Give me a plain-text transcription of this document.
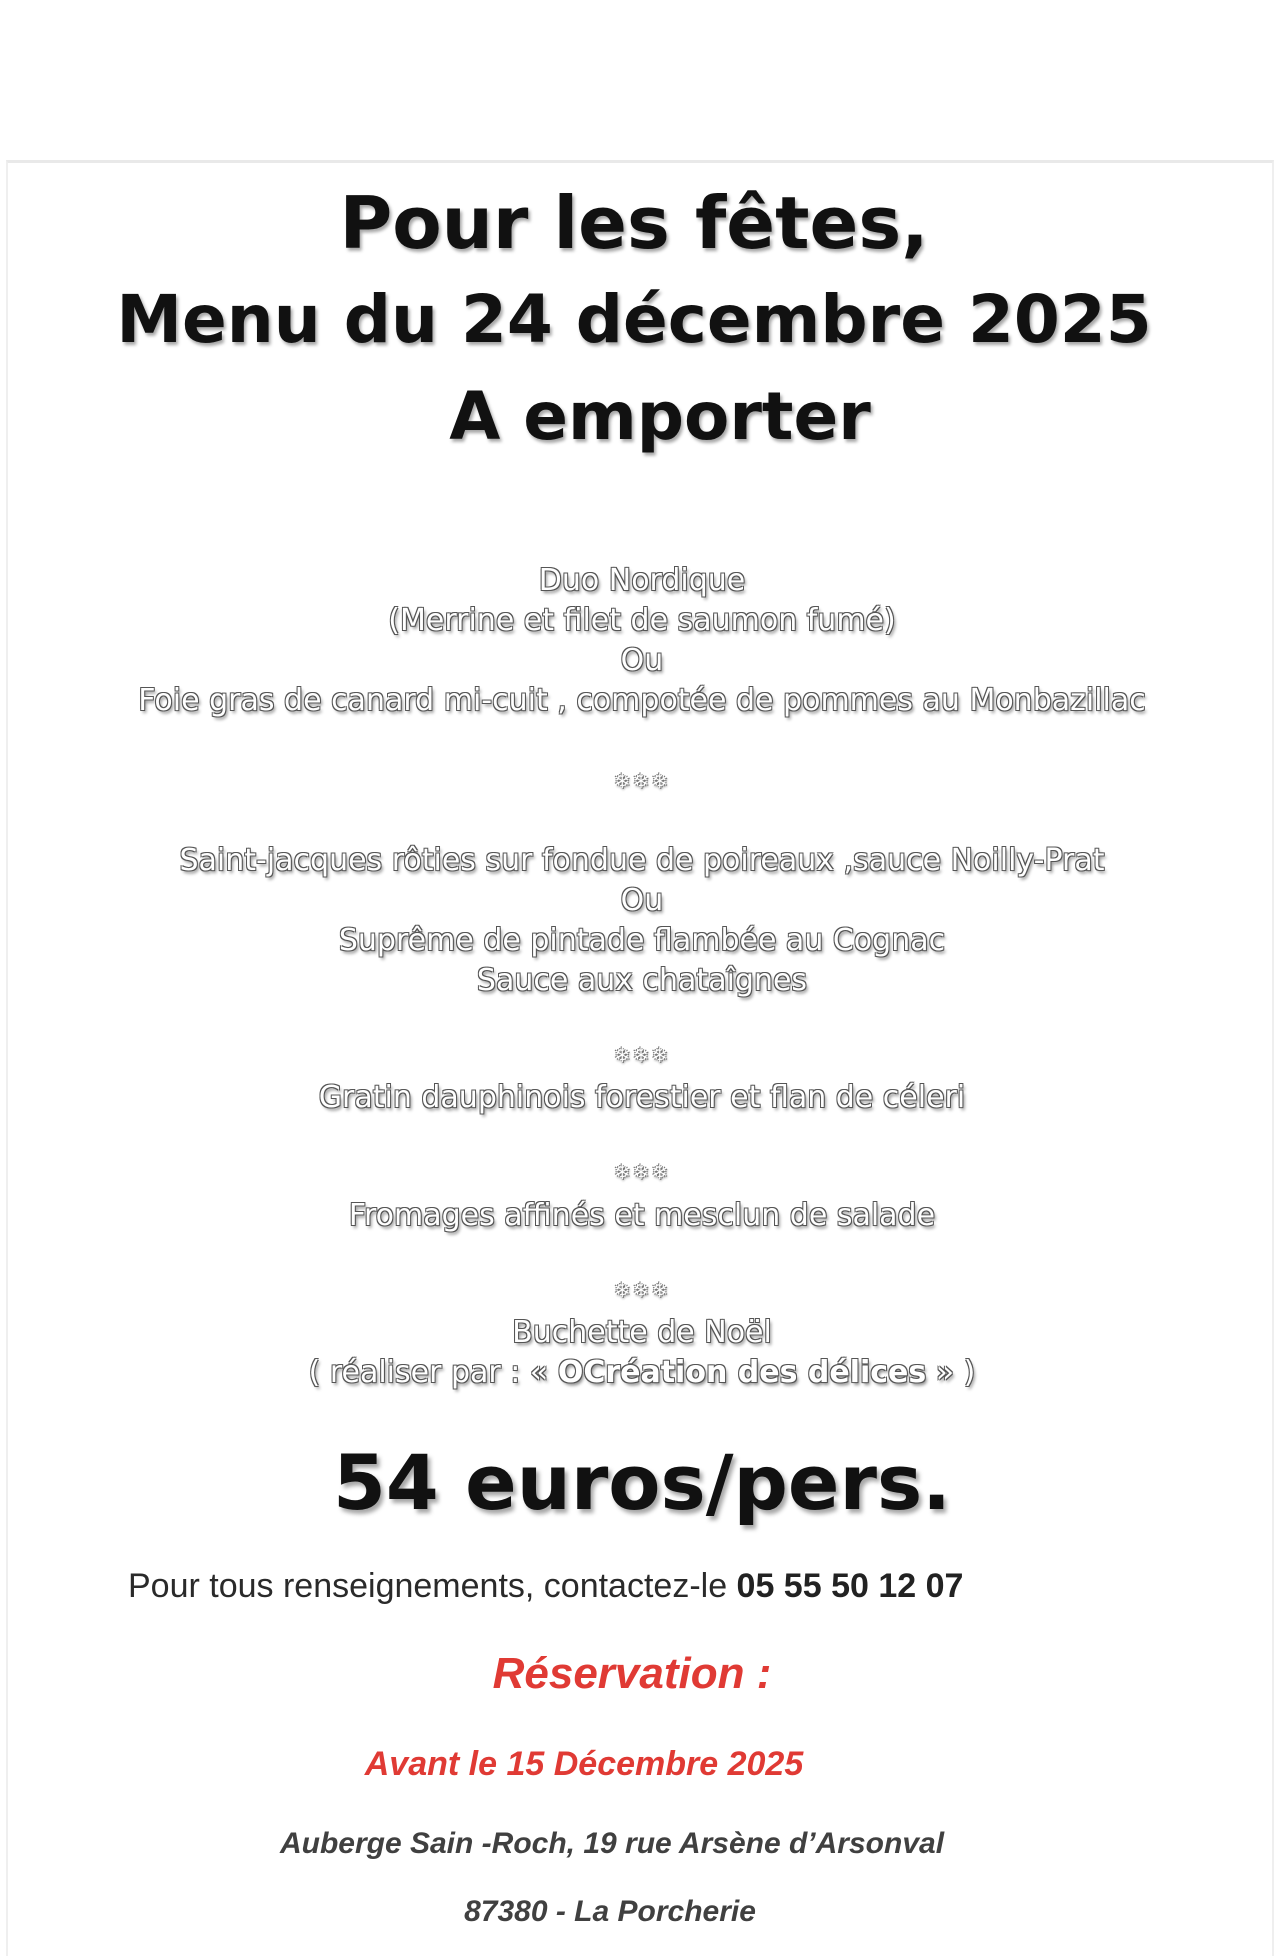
Pour les fêtes,
Menu du 24 décembre 2025
A emporter
Duo Nordique
(Merrine et filet de saumon fumé)
Ou
Foie gras de canard mi-cuit , compotée de pommes au Monbazillac
❄❄❄
Saint-jacques rôties sur fondue de poireaux ,sauce Noilly-Prat
Ou
Suprême de pintade flambée au Cognac
Sauce aux chataîgnes
❄❄❄
Gratin dauphinois forestier et flan de céleri
❄❄❄
Fromages affinés et mesclun de salade
❄❄❄
Buchette de Noël
( réaliser par : « OCréation des délices » )
54 euros/pers.
Pour tous renseignements, contactez-le 05 55 50 12 07
Réservation :
Avant le 15 Décembre 2025
Auberge Sain -Roch, 19 rue Arsène d’Arsonval
87380 - La Porcherie
